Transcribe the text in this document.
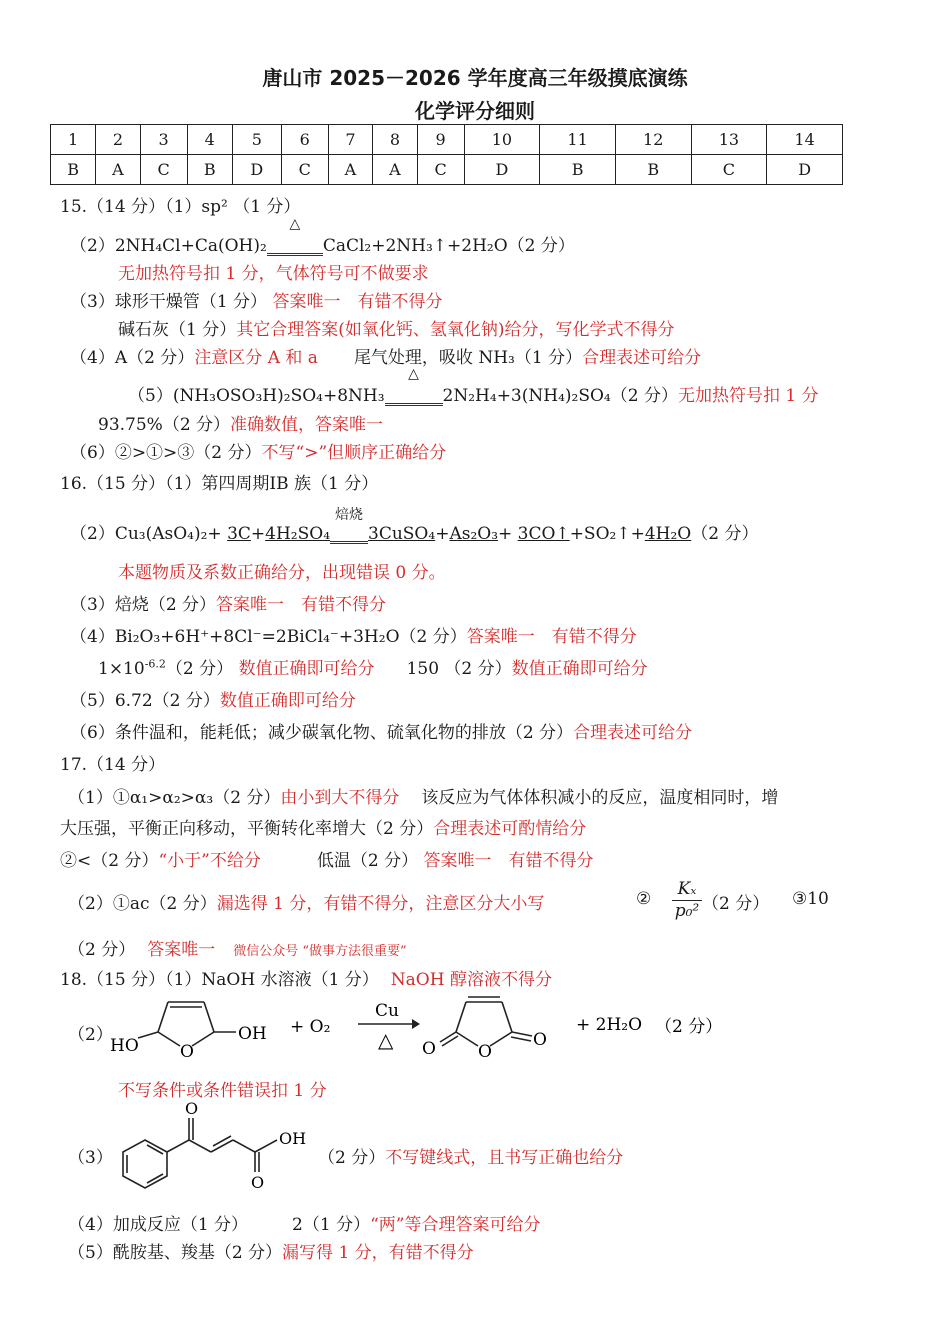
唐山市 2025－2026 学年度高三年级摸底演练
化学评分细则
1	2	3	4	5	6	7	8	9	10	11	12	13	14
B	A	C	B	D	C	A	A	C	D	B	B	C	D
15.（14 分）（1）sp² （1 分）
（2）2NH₄Cl+Ca(OH)₂
△
CaCl₂+2NH₃↑+2H₂O（2 分）
无加热符号扣 1 分，气体符号可不做要求
（3）球形干燥管（1 分） 答案唯一　有错不得分
碱石灰（1 分）其它合理答案(如氧化钙、氢氧化钠)给分，写化学式不得分
（4）A（2 分）注意区分 A 和 a 尾气处理，吸收 NH₃（1 分）合理表述可给分
（5）(NH₃OSO₃H)₂SO₄+8NH₃
△
2N₂H₄+3(NH₄)₂SO₄（2 分）无加热符号扣 1 分
93.75%（2 分）准确数值，答案唯一
（6）②>①>③（2 分）不写“>”但顺序正确给分
16.（15 分）（1）第四周期IB 族（1 分）
（2）Cu₃(AsO₄)₂+ 3C+4H₂SO₄
焙烧
3CuSO₄+As₂O₃+ 3CO↑+SO₂↑+4H₂O（2 分）
本题物质及系数正确给分，出现错误 0 分。
（3）焙烧（2 分）答案唯一　有错不得分
（4）Bi₂O₃+6H⁺+8Cl⁻=2BiCl₄⁻+3H₂O（2 分）答案唯一　有错不得分
$1\times 10^{-6.2}(2$ 分） 数值正确即可给分 150 （2 分）数值正确即可给分
（5）6.72（2 分）数值正确即可给分
（6）条件温和，能耗低；减少碳氧化物、硫氧化物的排放（2 分）合理表述可给分
17.（14 分）
（1）①α₁>α₂>α₃（2 分）由小到大不得分 该反应为气体体积减小的反应，温度相同时，增
大压强，平衡正向移动，平衡转化率增大（2 分）合理表述可酌情给分
②<（2 分）“小于”不给分	低温（2 分） 答案唯一　有错不得分
（2）①ac（2 分）漏选得 1 分，有错不得分，注意区分大小写	② $\frac{\text{Kₓ}}{\text{p₀²}} (2$ 分） ③10
（2 分） 答案唯一 微信公众号 “做事方法很重要”
18.（15 分）（1）NaOH 水溶液（1 分） NaOH 醇溶液不得分
（2）
HO O
OH + O₂
Cu
△ O O
O
+ 2H₂O （2 分）
不写条件或条件错误扣 1 分
（3）
O
OH
O
（2 分）不写键线式，且书写正确也给分
（4）加成反应（1 分）	2（1 分）“两”等合理答案可给分
（5）酰胺基、羧基（2 分）漏写得 1 分，有错不得分
